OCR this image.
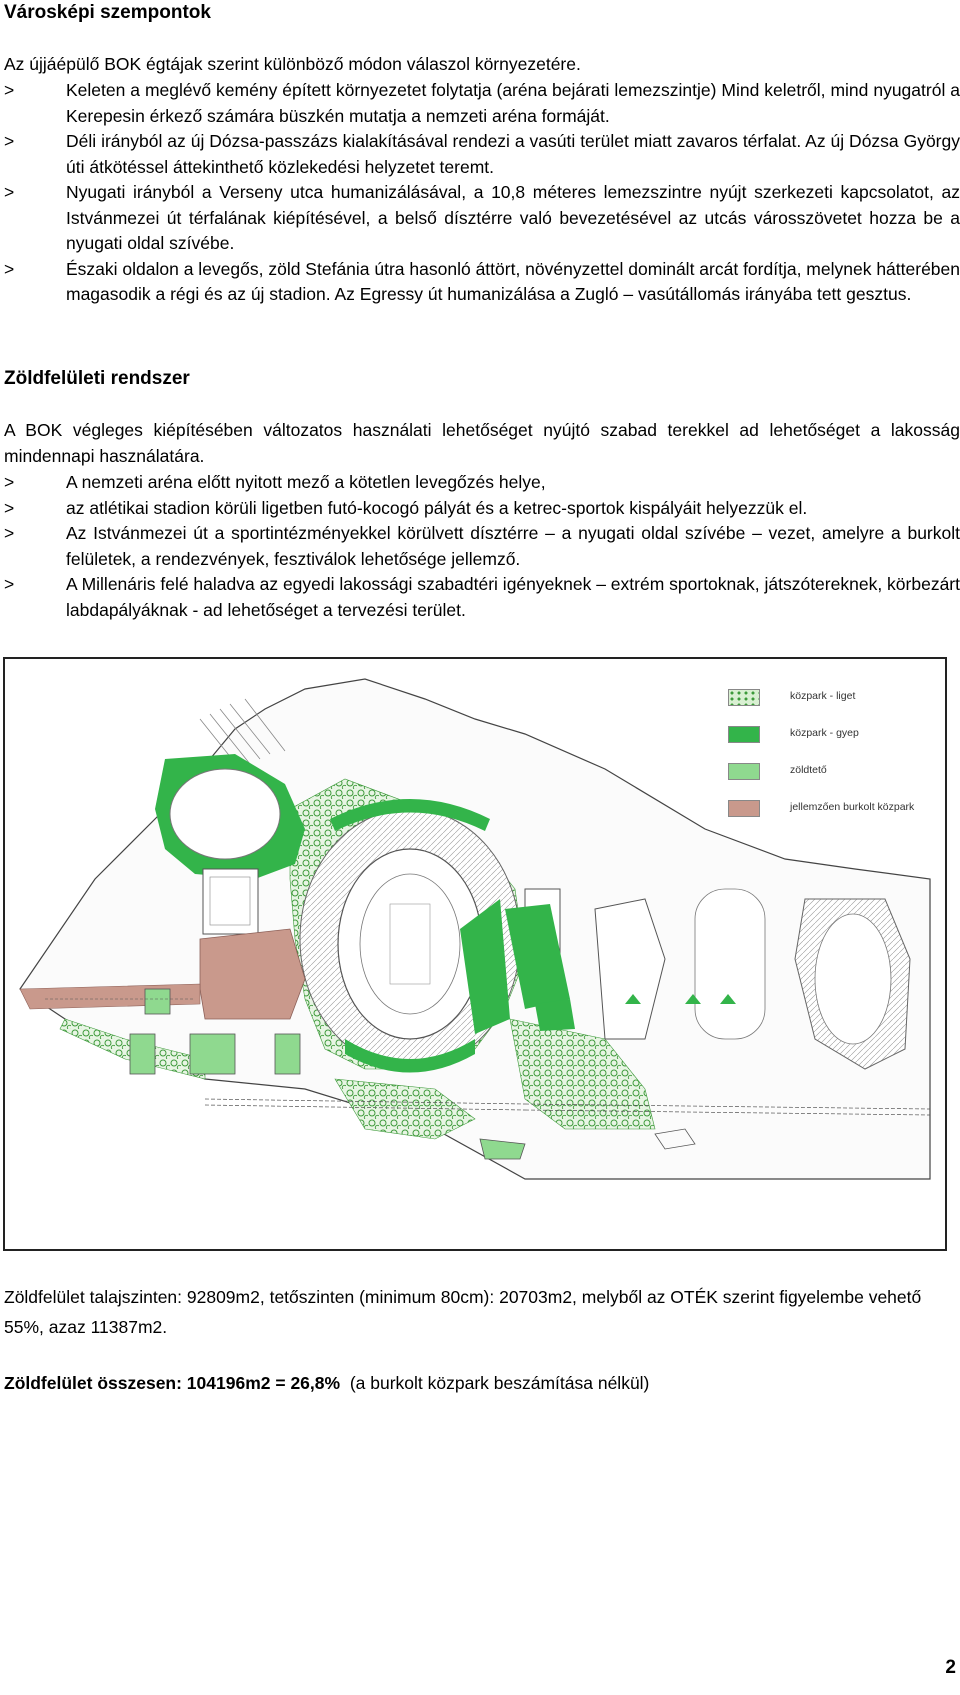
Városképi szempontok

Az újjáépülő BOK égtájak szerint különböző módon válaszol környezetére.

>	Keleten a meglévő kemény épített környezetet folytatja (aréna bejárati lemezszintje) Mind keletről, mind nyugatról a Kerepesin érkező számára büszkén mutatja a nemzeti aréna formáját.
>	Déli irányból az új Dózsa-passzázs kialakításával rendezi a vasúti terület miatt zavaros térfalat. Az új Dózsa György úti átkötéssel áttekinthető közlekedési helyzetet teremt.
>	Nyugati irányból a Verseny utca humanizálásával, a 10,8 méteres lemezszintre nyújt szerkezeti kapcsolatot, az Istvánmezei út térfalának kiépítésével, a belső dísztérre való bevezetésével az utcás városszövetet hozza be a nyugati oldal szívébe.
>	Északi oldalon a levegős, zöld Stefánia útra hasonló áttört, növényzettel dominált arcát fordítja, melynek hátterében magasodik a régi és az új stadion. Az Egressy út humanizálása a Zugló – vasútállomás irányába tett gesztus.
Zöldfelületi rendszer

A BOK végleges kiépítésében változatos használati lehetőséget nyújtó szabad terekkel ad lehetőséget a lakosság mindennapi használatára.

>	A nemzeti aréna előtt nyitott mező a kötetlen levegőzés helye,
>	az atlétikai stadion körüli ligetben futó-kocogó pályát és a ketrec-sportok kispályáit helyezzük el.
>	Az Istvánmezei út a sportintézményekkel körülvett dísztérre – a nyugati oldal szívébe – vezet, amelyre a burkolt felületek, a rendezvények, fesztiválok lehetősége jellemző.
>	A Millenáris felé haladva az egyedi lakossági szabadtéri igényeknek – extrém sportoknak, játszótereknek, körbezárt labdapályáknak - ad lehetőséget a tervezési terület.
közpark - liget
közpark - gyep
zöldtető
jellemzően burkolt közpark

Zöldfelület talajszinten: 92809m2, tetőszinten (minimum 80cm): 20703m2, melyből az OTÉK szerint figyelembe vehető 55%, azaz 11387m2.

Zöldfelület összesen: 104196m2 = 26,8% (a burkolt közpark beszámítása nélkül)
2
